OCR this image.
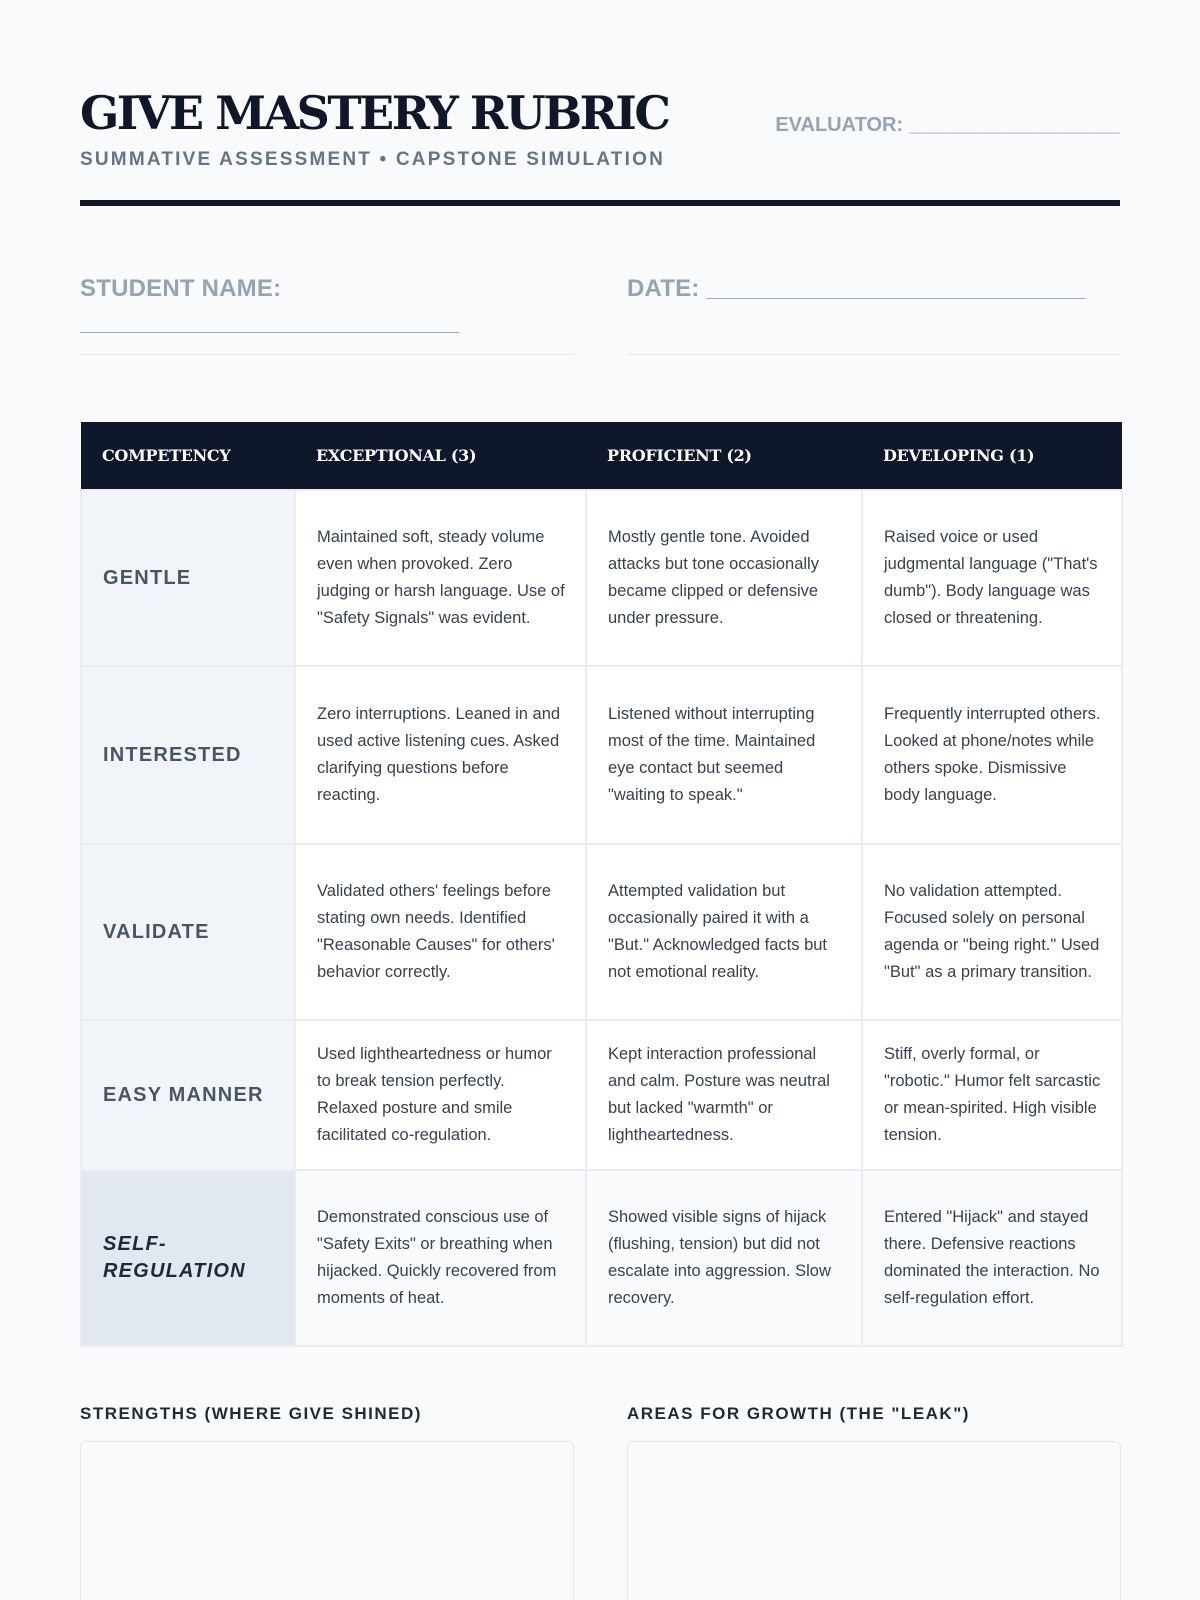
GIVE MASTERY RUBRIC
SUMMATIVE ASSESSMENT • CAPSTONE SIMULATION
EVALUATOR: ___________________
STUDENT NAME: ____________________________
DATE: ____________________________
COMPETENCY	EXCEPTIONAL (3)	PROFICIENT (2)	DEVELOPING (1)
GENTLE	Maintained soft, steady volume even when provoked. Zero judging or harsh language. Use of "Safety Signals" was evident.	Mostly gentle tone. Avoided attacks but tone occasionally became clipped or defensive under pressure.	Raised voice or used judgmental language ("That's dumb"). Body language was closed or threatening.
INTERESTED	Zero interruptions. Leaned in and used active listening cues. Asked clarifying questions before reacting.	Listened without interrupting most of the time. Maintained eye contact but seemed "waiting to speak."	Frequently interrupted others. Looked at phone/notes while others spoke. Dismissive body language.
VALIDATE	Validated others' feelings before stating own needs. Identified "Reasonable Causes" for others' behavior correctly.	Attempted validation but occasionally paired it with a "But." Acknowledged facts but not emotional reality.	No validation attempted. Focused solely on personal agenda or "being right." Used "But" as a primary transition.
EASY MANNER	Used lightheartedness or humor to break tension perfectly. Relaxed posture and smile facilitated co-regulation.	Kept interaction professional and calm. Posture was neutral but lacked "warmth" or lightheartedness.	Stiff, overly formal, or "robotic." Humor felt sarcastic or mean-spirited. High visible tension.
SELF-REGULATION	Demonstrated conscious use of "Safety Exits" or breathing when hijacked. Quickly recovered from moments of heat.	Showed visible signs of hijack (flushing, tension) but did not escalate into aggression. Slow recovery.	Entered "Hijack" and stayed there. Defensive reactions dominated the interaction. No self-regulation effort.
STRENGTHS (WHERE GIVE SHINED)	AREAS FOR GROWTH (THE "LEAK")
